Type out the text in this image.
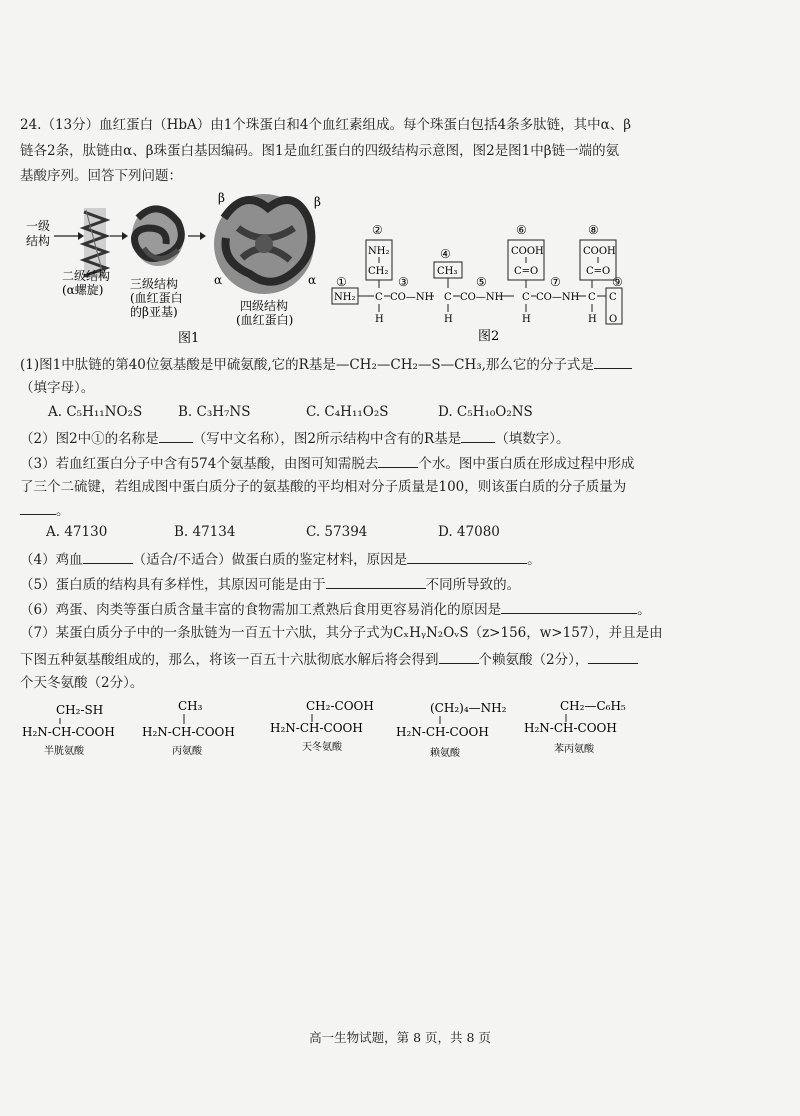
24.（13分）血红蛋白（HbA）由1个珠蛋白和4个血红素组成。每个珠蛋白包括4条多肽链，其中α、β
链各2条，肽链由α、β珠蛋白基因编码。图1是血红蛋白的四级结构示意图，图2是图1中β链一端的氨
基酸序列。回答下列问题：
一级
结构
β	β
α	α
二级结构
(α螺旋) 三级结构
(血红蛋白
的β亚基)	四级结构
(血红蛋白)
图1
②
④
⑥	⑧
①	③	⑤	⑦	⑨
NH₂
CH₂
NH₂ C
H
CO—NH
CH₃
C
H
CO—NH
COOH
C=O
C
H
CO—NH
COOH
C=O
C
H
C
O
图2
(1)图1中肽链的第40位氨基酸是甲硫氨酸,它的R基是—CH₂—CH₂—S—CH₃,那么它的分子式是
（填字母）。
A. C₅H₁₁NO₂S	B. C₃H₇NS	C. C₄H₁₁O₂S	D. C₅H₁₀O₂NS
（2）图2中①的名称是	（写中文名称），图2所示结构中含有的R基是	（填数字）。
（3）若血红蛋白分子中含有574个氨基酸，由图可知需脱去	个水。图中蛋白质在形成过程中形成
了三个二硫键，若组成图中蛋白质分子的氨基酸的平均相对分子质量是100，则该蛋白质的分子质量为
。
A. 47130	B. 47134	C. 57394	D. 47080
（4）鸡血	（适合/不适合）做蛋白质的鉴定材料，原因是	。
（5）蛋白质的结构具有多样性，其原因可能是由于	不同所导致的。
（6）鸡蛋、肉类等蛋白质含量丰富的食物需加工煮熟后食用更容易消化的原因是	。
（7）某蛋白质分子中的一条肽链为一百五十六肽，其分子式为CₓHᵧN₂OᵥS（z>156，w>157），并且是由
下图五种氨基酸组成的，那么，将该一百五十六肽彻底水解后将会得到	个赖氨酸（2分），
个天冬氨酸（2分）。
CH₂-SH
H₂N-CH-COOH
半胱氨酸
CH₃
H₂N-CH-COOH
丙氨酸
CH₂-COOH
H₂N-CH-COOH
天冬氨酸
(CH₂)₄—NH₂
H₂N-CH-COOH
赖氨酸
CH₂—C₆H₅
H₂N-CH-COOH
苯丙氨酸
高一生物试题，第 8 页，共 8 页
